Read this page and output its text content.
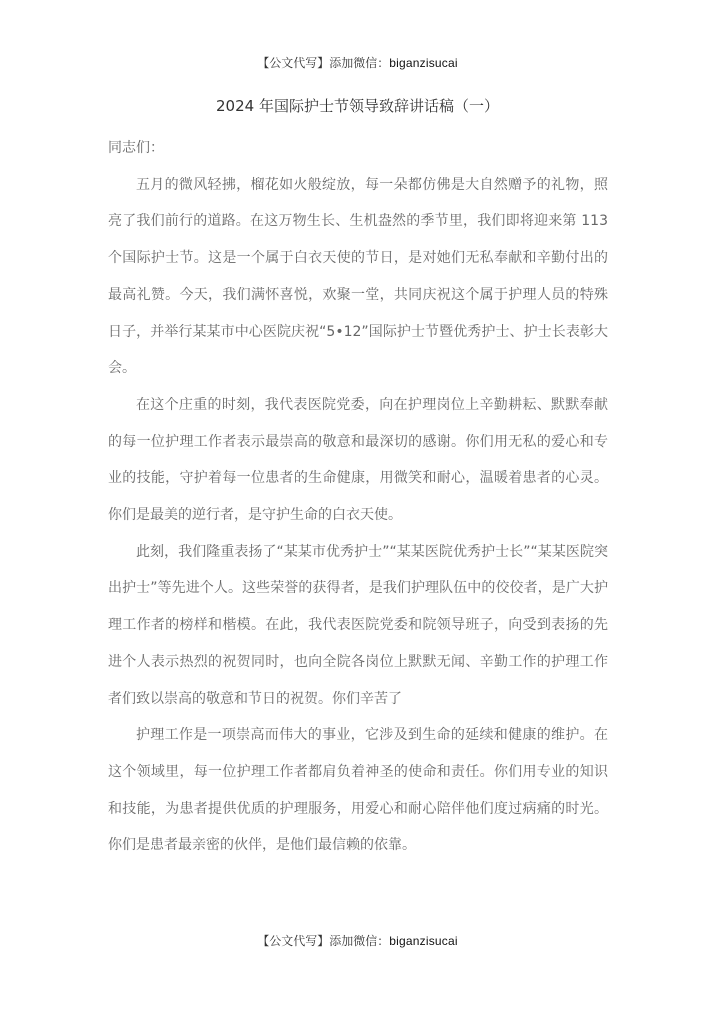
【公文代写】添加微信：biganzisucai
2024 年国际护士节领导致辞讲话稿（一）

同志们：

五月的微风轻拂，榴花如火般绽放，每一朵都仿佛是大自然赠予的礼物，照亮了我们前行的道路。在这万物生长、生机盎然的季节里，我们即将迎来第 113 个国际护士节。这是一个属于白衣天使的节日，是对她们无私奉献和辛勤付出的最高礼赞。今天，我们满怀喜悦，欢聚一堂，共同庆祝这个属于护理人员的特殊日子，并举行某某市中心医院庆祝“5•12”国际护士节暨优秀护士、护士长表彰大会。

在这个庄重的时刻，我代表医院党委，向在护理岗位上辛勤耕耘、默默奉献的每一位护理工作者表示最崇高的敬意和最深切的感谢。你们用无私的爱心和专业的技能，守护着每一位患者的生命健康，用微笑和耐心，温暖着患者的心灵。你们是最美的逆行者，是守护生命的白衣天使。

此刻，我们隆重表扬了“某某市优秀护士”“某某医院优秀护士长”“某某医院突出护士”等先进个人。这些荣誉的获得者，是我们护理队伍中的佼佼者，是广大护理工作者的榜样和楷模。在此，我代表医院党委和院领导班子，向受到表扬的先进个人表示热烈的祝贺同时，也向全院各岗位上默默无闻、辛勤工作的护理工作者们致以崇高的敬意和节日的祝贺。你们辛苦了

护理工作是一项崇高而伟大的事业，它涉及到生命的延续和健康的维护。在这个领域里，每一位护理工作者都肩负着神圣的使命和责任。你们用专业的知识和技能，为患者提供优质的护理服务，用爱心和耐心陪伴他们度过病痛的时光。你们是患者最亲密的伙伴，是他们最信赖的依靠。

【公文代写】添加微信：biganzisucai
